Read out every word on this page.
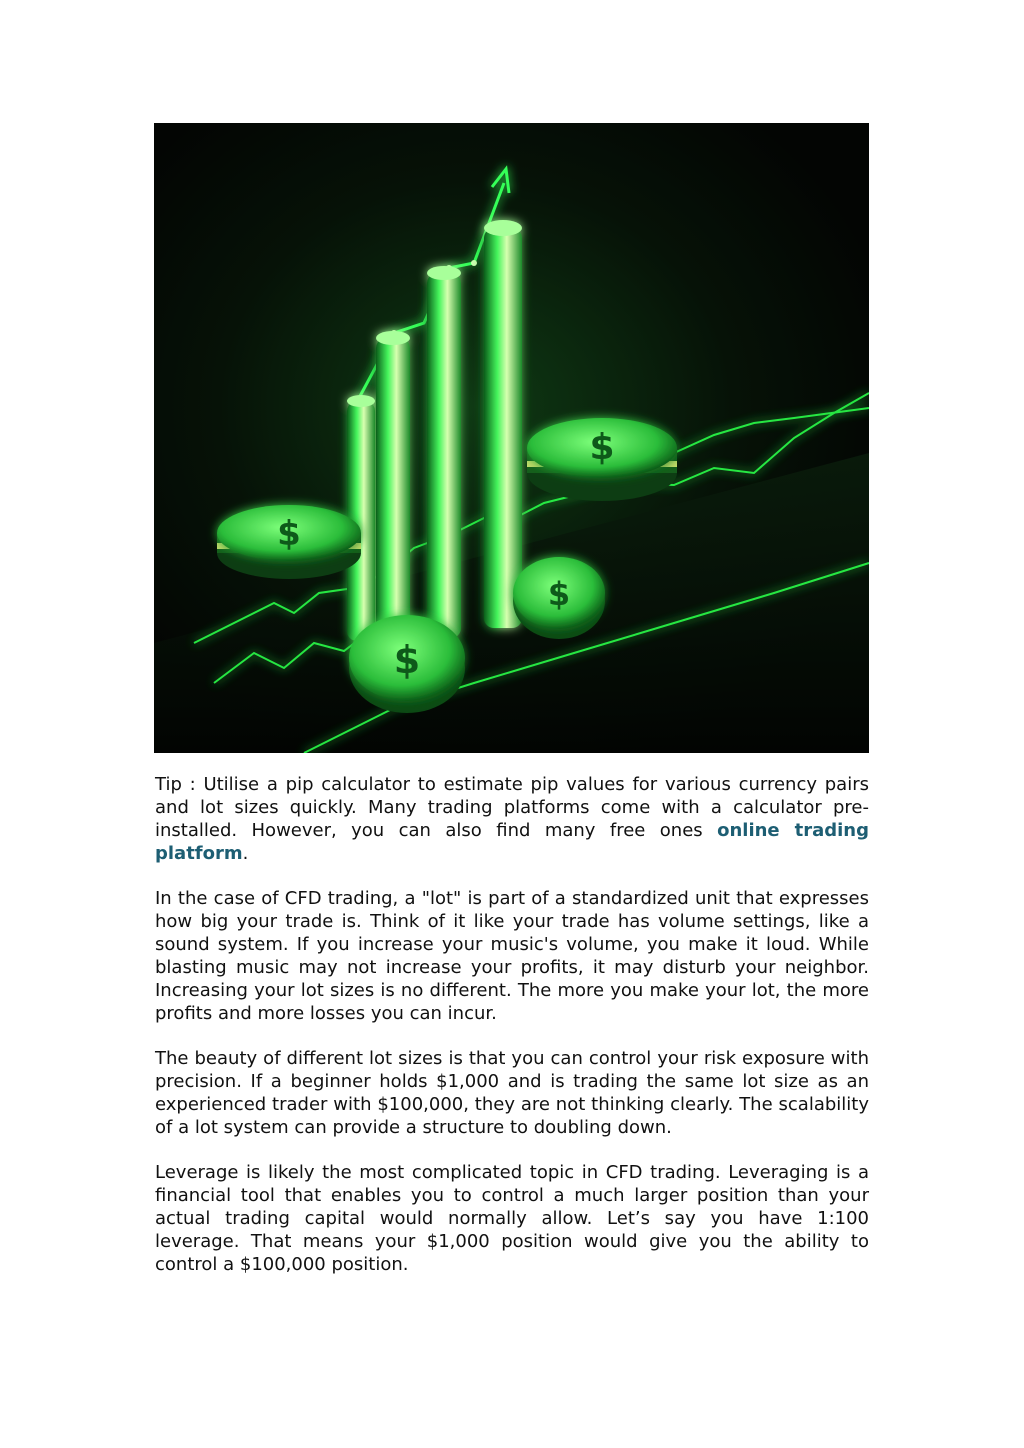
$
$
$
$

Tip : Utilise a pip calculator to estimate pip values for various currency pairs and lot sizes quickly. Many trading platforms come with a calculator pre-installed. However, you can also find many free ones online trading platform.

In the case of CFD trading, a "lot" is part of a standardized unit that expresses how big your trade is. Think of it like your trade has volume settings, like a sound system. If you increase your music's volume, you make it loud. While blasting music may not increase your profits, it may disturb your neighbor. Increasing your lot sizes is no different. The more you make your lot, the more profits and more losses you can incur.

The beauty of different lot sizes is that you can control your risk exposure with precision. If a beginner holds $1,000 and is trading the same lot size as an experienced trader with $100,000, they are not thinking clearly. The scalability of a lot system can provide a structure to doubling down.

Leverage is likely the most complicated topic in CFD trading. Leveraging is a financial tool that enables you to control a much larger position than your actual trading capital would normally allow. Let’s say you have 1:100 leverage. That means your $1,000 position would give you the ability to control a $100,000 position.
